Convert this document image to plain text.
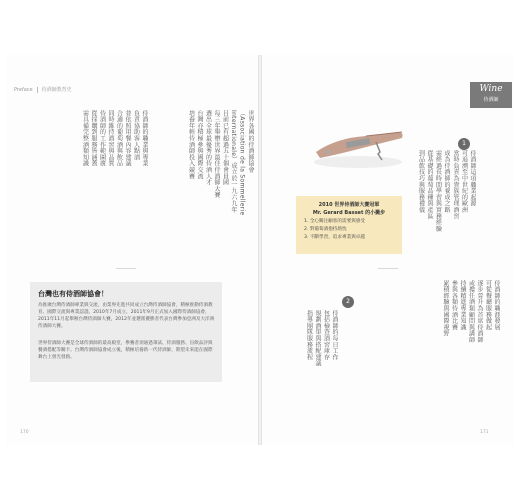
Preface 侍酒師教育史	Wine
侍酒師
世界各國的侍酒師協會
（Association de la Sommellerie
Internationale）成立於一九六九年
目前已有超過五十個會員國
每三年舉辦世界最佳侍酒師大賽
選出全球最優秀的侍酒人才
台灣亦積極參與國際交流
培養年輕侍酒師投入競賽

侍酒師的職業與專業
負責協助客人點酒
並依照用餐內容建議
合適的葡萄酒與飲品
同時維持酒窖與品質
侍酒師的工作範圍廣
從採購到服務皆涵蓋
需具備完整酒類知識

台灣也有侍酒師協會！

為推廣台灣侍酒師專業與交流，由業界先進共同成立台灣侍酒師協會，積極推動侍酒教育、國際交流與專業認證。2010年7月成立，2011年9月正式加入國際侍酒師協會，2011年11月起舉辦台灣侍酒師大賽，2012年並選派優勝者代表台灣參加亞洲及大洋洲侍酒師大賽。

世界侍酒師大賽是全球侍酒師的最高殿堂，參賽者須通過筆試、侍酒服務、盲飲品評與餐酒搭配等關卡。台灣侍酒師協會成立後，積極培養新一代侍酒師，期望未來能在國際舞台上發光發熱。

170
2010 世界侍酒師大賽冠軍
Mr. Gerard Basset 的小撇步
1. 全心關注顧客的需要與感受
2. 對葡萄酒抱持熱忱
3. 不斷學習，追求專業與卓越
1
侍酒師這項職業起源
可追溯至中世紀的歐洲
當時負責為貴族管理酒窖

成為侍酒師的養成之路
需經過長時間學習與實務經驗
從基礎的葡萄品種與產區
到品飲技巧與服務禮儀

侍酒師的職涯發展
可從餐廳服務做起
逐步晉升為首席侍酒師
或擔任酒類顧問與講師
持續精進專業知識
參與各類侍酒比賽
累積經驗與國際視野

2
侍酒師的每日工作
包括檢查酒窖庫存
規劃酒單與搭配建議
指導團隊服務流程

171
